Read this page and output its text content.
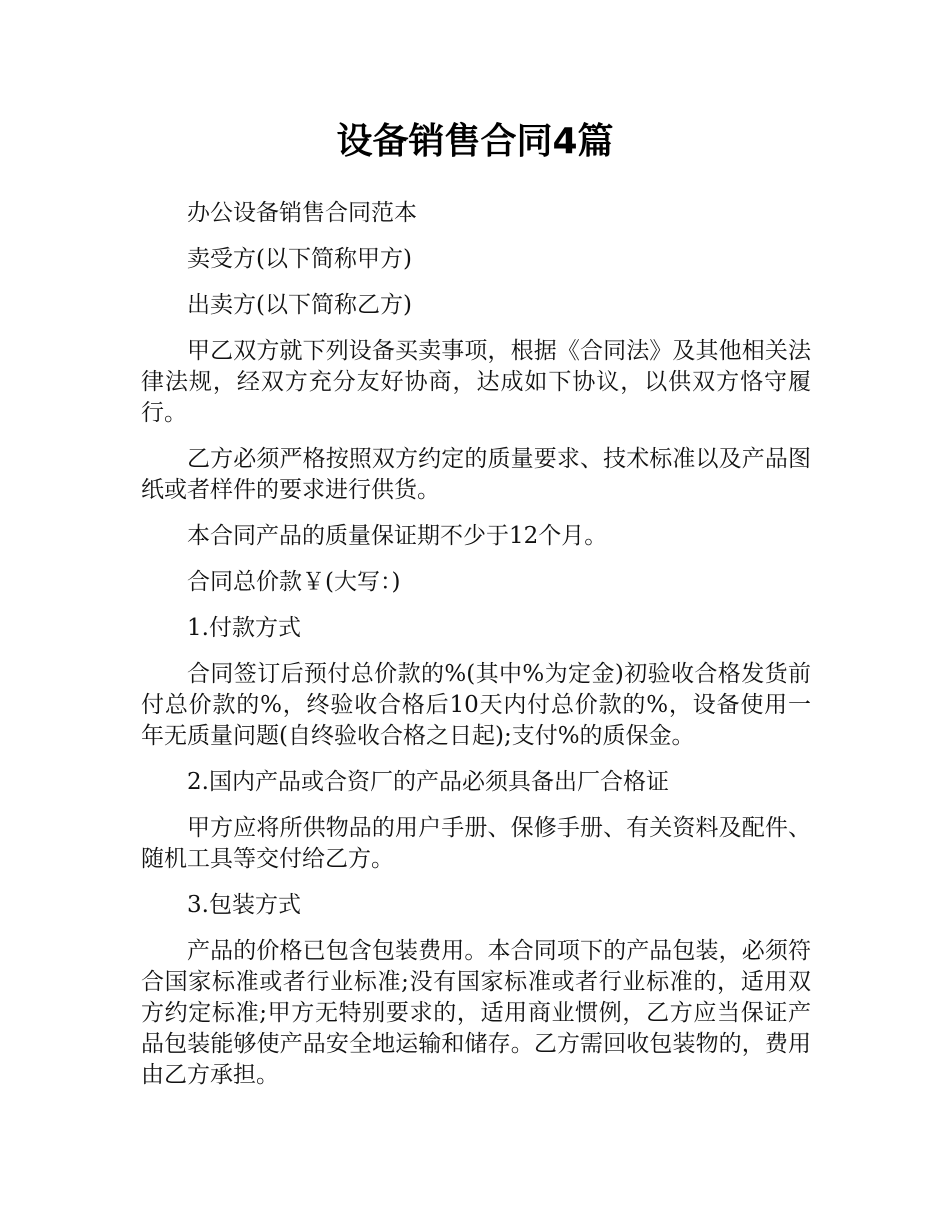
设备销售合同4篇

办公设备销售合同范本

卖受方(以下简称甲方)

出卖方(以下简称乙方)

甲乙双方就下列设备买卖事项，根据《合同法》及其他相关法律法规，经双方充分友好协商，达成如下协议，以供双方恪守履行。

乙方必须严格按照双方约定的质量要求、技术标准以及产品图纸或者样件的要求进行供货。

本合同产品的质量保证期不少于12个月。

合同总价款￥(大写：)

1.付款方式

合同签订后预付总价款的%(其中%为定金)初验收合格发货前付总价款的%，终验收合格后10天内付总价款的%，设备使用一年无质量问题(自终验收合格之日起);支付%的质保金。

2.国内产品或合资厂的产品必须具备出厂合格证

甲方应将所供物品的用户手册、保修手册、有关资料及配件、随机工具等交付给乙方。

3.包装方式

产品的价格已包含包装费用。本合同项下的产品包装，必须符合国家标准或者行业标准;没有国家标准或者行业标准的，适用双方约定标准;甲方无特别要求的，适用商业惯例，乙方应当保证产品包装能够使产品安全地运输和储存。乙方需回收包装物的，费用由乙方承担。
